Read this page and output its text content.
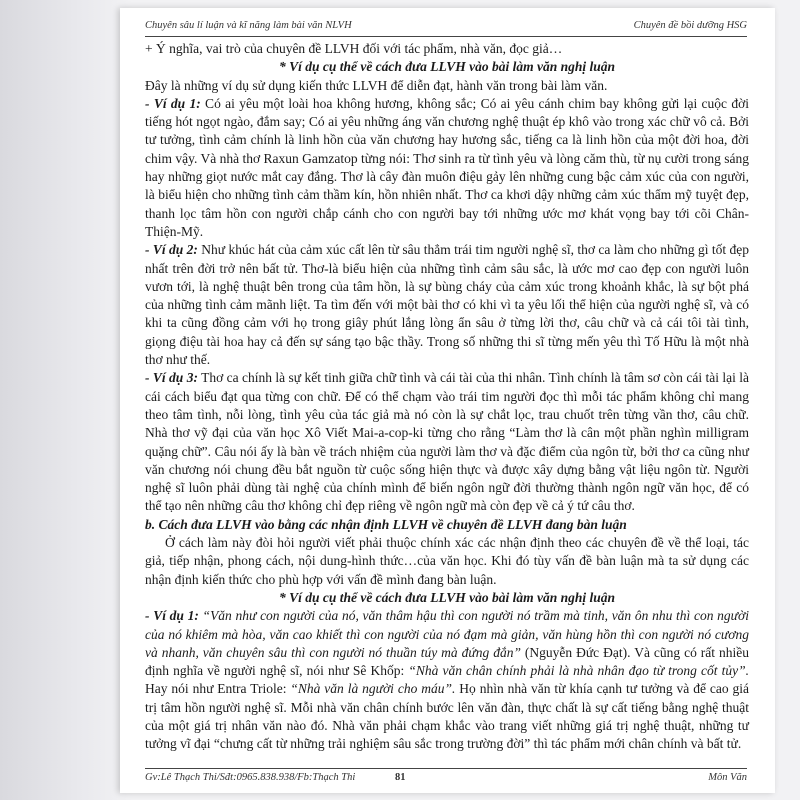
Chuyên sâu lí luận và kĩ năng làm bài văn NLVH	Chuyên đề bồi dưỡng HSG

+ Ý nghĩa, vai trò của chuyên đề LLVH đối với tác phẩm, nhà văn, đọc giả…

* Ví dụ cụ thể về cách đưa LLVH vào bài làm văn nghị luận

Đây là những ví dụ sử dụng kiến thức LLVH để diễn đạt, hành văn trong bài làm văn.

- Ví dụ 1: Có ai yêu một loài hoa không hương, không sắc; Có ai yêu cánh chim bay không gửi lại cuộc đời tiếng hót ngọt ngào, đắm say; Có ai yêu những áng văn chương nghệ thuật ép khô vào trong xác chữ vô cả. Bởi tư tưởng, tình cảm chính là linh hồn của văn chương hay hương sắc, tiếng ca là linh hồn của một đời hoa, đời chim vậy. Và nhà thơ Raxun Gamzatop từng nói: Thơ sinh ra từ tình yêu và lòng căm thù, từ nụ cười trong sáng hay những giọt nước mắt cay đắng. Thơ là cây đàn muôn điệu gảy lên những cung bậc cảm xúc của con người, là biểu hiện cho những tình cảm thầm kín, hồn nhiên nhất. Thơ ca khơi dậy những cảm xúc thẩm mỹ tuyệt đẹp, thanh lọc tâm hồn con người chắp cánh cho con người bay tới những ước mơ khát vọng bay tới cõi Chân-Thiện-Mỹ.

- Ví dụ 2: Như khúc hát của cảm xúc cất lên từ sâu thẳm trái tim người nghệ sĩ, thơ ca làm cho những gì tốt đẹp nhất trên đời trở nên bất tử. Thơ-là biểu hiện của những tình cảm sâu sắc, là ước mơ cao đẹp con người luôn vươn tới, là nghệ thuật bên trong của tâm hồn, là sự bùng cháy của cảm xúc trong khoảnh khắc, là sự bột phá của những tình cảm mãnh liệt. Ta tìm đến với một bài thơ có khi vì ta yêu lối thể hiện của người nghệ sĩ, và có khi ta cũng đồng cảm với họ trong giây phút lắng lòng ẩn sâu ở từng lời thơ, câu chữ và cả cái tôi tài tình, giọng điệu tài hoa hay cả đến sự sáng tạo bậc thầy. Trong số những thi sĩ từng mến yêu thì Tố Hữu là một nhà thơ như thế.

- Ví dụ 3: Thơ ca chính là sự kết tinh giữa chữ tình và cái tài của thi nhân. Tình chính là tâm sơ còn cái tài lại là cái cách biểu đạt qua từng con chữ. Để có thể chạm vào trái tim người đọc thì mỗi tác phẩm không chỉ mang theo tâm tình, nỗi lòng, tình yêu của tác giả mà nó còn là sự chắt lọc, trau chuốt trên từng vần thơ, câu chữ. Nhà thơ vỹ đại của văn học Xô Viết Mai-a-cop-ki từng cho rằng “Làm thơ là cân một phần nghìn milligram quặng chữ”. Câu nói ấy là bàn về trách nhiệm của người làm thơ và đặc điểm của ngôn từ, bởi thơ ca cũng như văn chương nói chung đều bắt nguồn từ cuộc sống hiện thực và được xây dựng bằng vật liệu ngôn từ. Người nghệ sĩ luôn phải dùng tài nghệ của chính mình để biến ngôn ngữ đời thường thành ngôn ngữ văn học, để có thể tạo nên những câu thơ không chỉ đẹp riêng về ngôn ngữ mà còn đẹp về cả ý tứ câu thơ.

b. Cách đưa LLVH vào bằng các nhận định LLVH về chuyên đề LLVH đang bàn luận

Ở cách làm này đòi hỏi người viết phải thuộc chính xác các nhận định theo các chuyên đề về thể loại, tác giả, tiếp nhận, phong cách, nội dung-hình thức…của văn học. Khi đó tùy vấn đề bàn luận mà ta sử dụng các nhận định kiến thức cho phù hợp với vấn đề mình đang bàn luận.

* Ví dụ cụ thể về cách đưa LLVH vào bài làm văn nghị luận

- Ví dụ 1: “Văn như con người của nó, văn thâm hậu thì con người nó trầm mà tinh, văn ôn nhu thì con người của nó khiêm mà hòa, văn cao khiết thì con người của nó đạm mà giản, văn hùng hồn thì con người nó cương và nhanh, văn chuyên sâu thì con người nó thuần túy mà đứng đắn” (Nguyễn Đức Đạt). Và cũng có rất nhiều định nghĩa về người nghệ sĩ, nói như Sê Khốp: “Nhà văn chân chính phải là nhà nhân đạo từ trong cốt tủy”. Hay nói như Entra Triole: “Nhà văn là người cho máu”. Họ nhìn nhà văn từ khía cạnh tư tưởng và để cao giá trị tâm hồn người nghệ sĩ. Mỗi nhà văn chân chính bước lên văn đàn, thực chất là sự cất tiếng bằng nghệ thuật của một giá trị nhân văn nào đó. Nhà văn phải chạm khắc vào trang viết những giá trị nghệ thuật, những tư tưởng vĩ đại “chưng cất từ những trải nghiệm sâu sắc trong trường đời” thì tác phẩm mới chân chính và bất tử.

Gv:Lê Thạch Thi/Sđt:0965.838.938/Fb:Thạch Thi	81	Môn Văn
